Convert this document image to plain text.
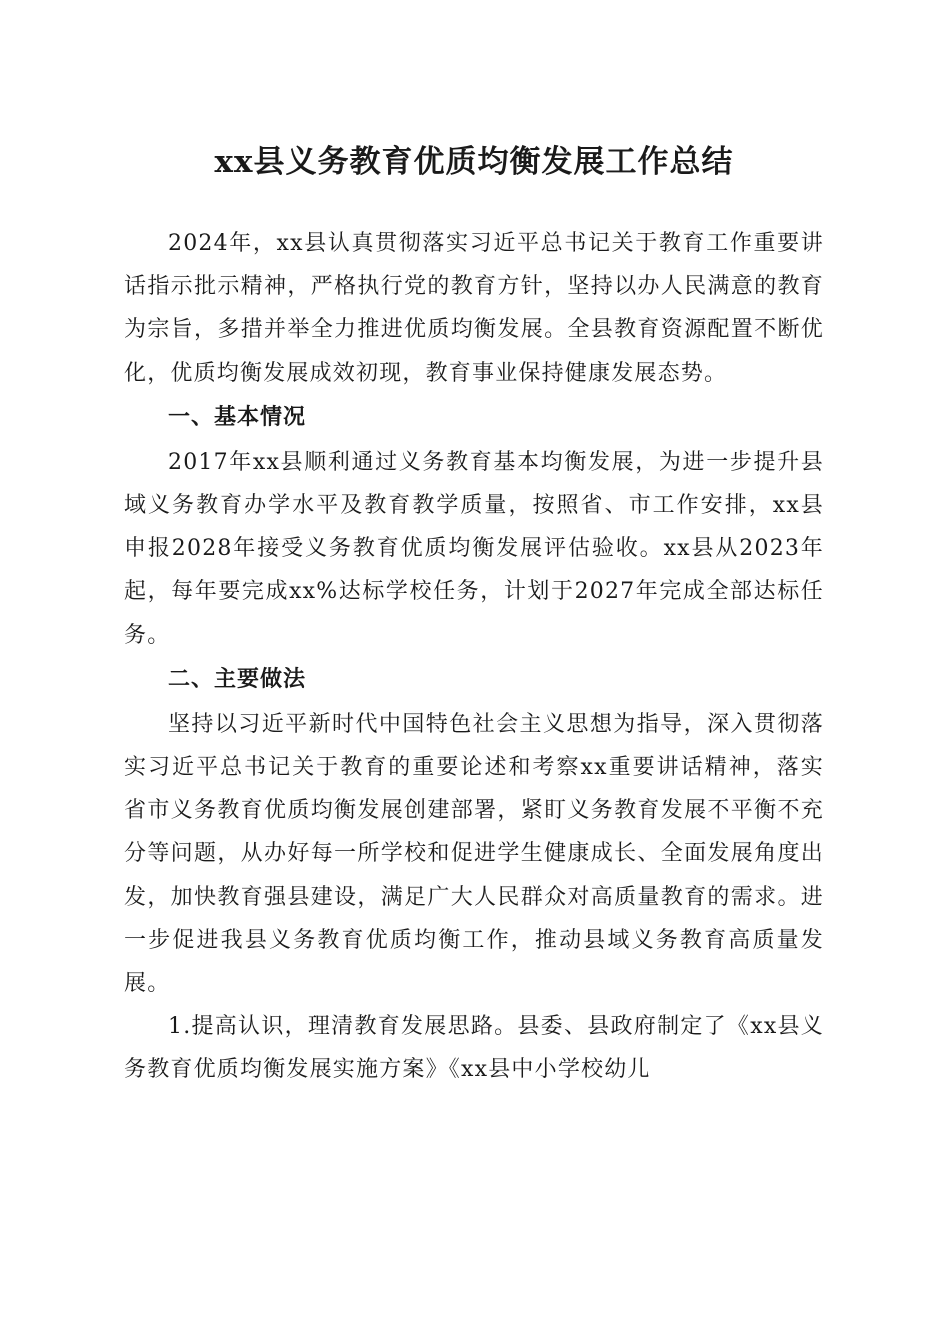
xx县义务教育优质均衡发展工作总结

2024年，xx县认真贯彻落实习近平总书记关于教育工作重要讲话指示批示精神，严格执行党的教育方针，坚持以办人民满意的教育为宗旨，多措并举全力推进优质均衡发展。全县教育资源配置不断优化，优质均衡发展成效初现，教育事业保持健康发展态势。

一、基本情况

2017年xx县顺利通过义务教育基本均衡发展，为进一步提升县域义务教育办学水平及教育教学质量，按照省、市工作安排，xx县申报2028年接受义务教育优质均衡发展评估验收。xx县从2023年起，每年要完成xx%达标学校任务，计划于2027年完成全部达标任务。

二、主要做法

坚持以习近平新时代中国特色社会主义思想为指导，深入贯彻落实习近平总书记关于教育的重要论述和考察xx重要讲话精神，落实省市义务教育优质均衡发展创建部署，紧盯义务教育发展不平衡不充分等问题，从办好每一所学校和促进学生健康成长、全面发展角度出发，加快教育强县建设，满足广大人民群众对高质量教育的需求。进一步促进我县义务教育优质均衡工作，推动县域义务教育高质量发展。

1.提高认识，理清教育发展思路。县委、县政府制定了《xx县义务教育优质均衡发展实施方案》《xx县中小学校幼儿
